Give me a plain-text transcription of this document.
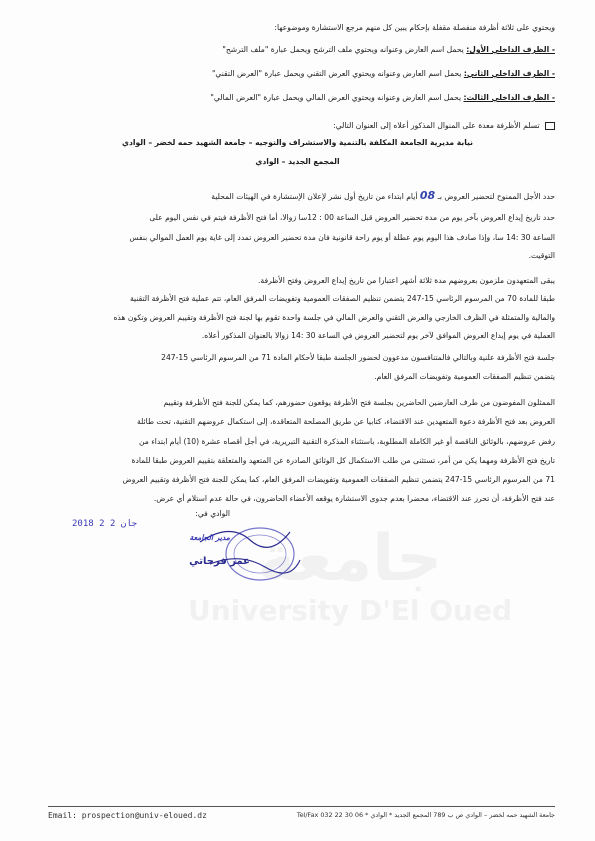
جامعة
University D'El Oued
ويحتوي على ثلاثة أظرفة منفصلة مقفلة بإحكام يبين كل منهم مرجع الاستشارة وموضوعها:
- الظرف الداخلي الأول: يحمل اسم العارض وعنوانه ويحتوي ملف الترشح ويحمل عبارة "ملف الترشح"
- الظرف الداخلي الثاني: يحمل اسم العارض وعنوانه ويحتوي العرض التقني ويحمل عبارة "العرض التقني"
- الظرف الداخلي الثالث: يحمل اسم العارض وعنوانه ويحتوي العرض المالي ويحمل عبارة "العرض المالي"
تسلم الأظرفة معدة على المنوال المذكور أعلاه إلى العنوان التالي:
نيابة مديرية الجامعة المكلفة بالتنمية والاستشراف والتوجيه – جامعة الشهيد حمه لخضر – الوادي
المجمع الجديد – الوادي
حدد الأجل الممنوح لتحضير العروض بـ 08 أيام ابتداء من تاريخ أول نشر لإعلان الإستشارة في الهيئات المحلية
حدد تاريخ إيداع العروض بآخر يوم من مدة تحضير العروض قبل الساعة 00 : 12سا زوالا، أما فتح الأظرفة فيتم في نفس اليوم على
الساعة 30 :14 سا، وإذا صادف هذا اليوم يوم عطلة أو يوم راحة قانونية فان مدة تحضير العروض تمدد إلى غاية يوم العمل الموالي بنفس
التوقيت.
يبقى المتعهدون ملزمون بعروضهم مدة ثلاثة أشهر اعتبارا من تاريخ إيداع العروض وفتح الأظرفة.
طبقا للمادة 70 من المرسوم الرئاسي 15-247 يتضمن تنظيم الصفقات العمومية وتفويضات المرفق العام، تتم عملية فتح الأظرفة التقنية
والمالية والمتمثلة في الظرف الخارجي والعرض التقني والعرض المالي في جلسة واحدة تقوم بها لجنة فتح الأظرفة وتقييم العروض وتكون هذه
العملية في يوم إيداع العروض الموافق لآخر يوم لتحضير العروض في الساعة 30 :14 زوالا بالعنوان المذكور أعلاه.
جلسة فتح الأظرفة علنية وبالتالي فالمتنافسون مدعوون لحضور الجلسة طبقا لأحكام المادة 71 من المرسوم الرئاسي 15-247
يتضمن تنظيم الصفقات العمومية وتفويضات المرفق العام.
الممثلون المفوضون من طرف العارضين الحاضرين بجلسة فتح الأظرفة يوقعون حضورهم، كما يمكن للجنة فتح الأظرفة وتقييم
العروض بعد فتح الأظرفة دعوة المتعهدين عند الاقتضاء، كتابيا عن طريق المصلحة المتعاقدة، إلى استكمال عروضهم التقنية، تحت طائلة
رفض عروضهم، بالوثائق الناقصة أو غير الكاملة المطلوبة، باستثناء المذكرة التقنية التبريرية، في أجل أقصاه عشرة (10) أيام ابتداء من
تاريخ فتح الأظرفة ومهما يكن من أمر، تستثنى من طلب الاستكمال كل الوثائق الصادرة عن المتعهد والمتعلقة بتقييم العروض طبقا للمادة
71 من المرسوم الرئاسي 15-247 يتضمن تنظيم الصفقات العمومية وتفويضات المرفق العام، كما يمكن للجنة فتح الأظرفة وتقييم العروض
عند فتح الأظرفة، أن تحرر عند الاقتضاء، محضرا بعدم جدوى الاستشارة يوقعه الأعضاء الحاضرون، في حالة عدم استلام أي عرض.
الوادي في:
2018 جان 2 2
مدير الجامعة
عمر فرحاتي
Email: prospection@univ-eloued.dz	جامعة الشهيد حمه لخضر – الوادي ص ب 789 المجمع الجديد * الوادي * Tel/Fax 032 22 30 06
